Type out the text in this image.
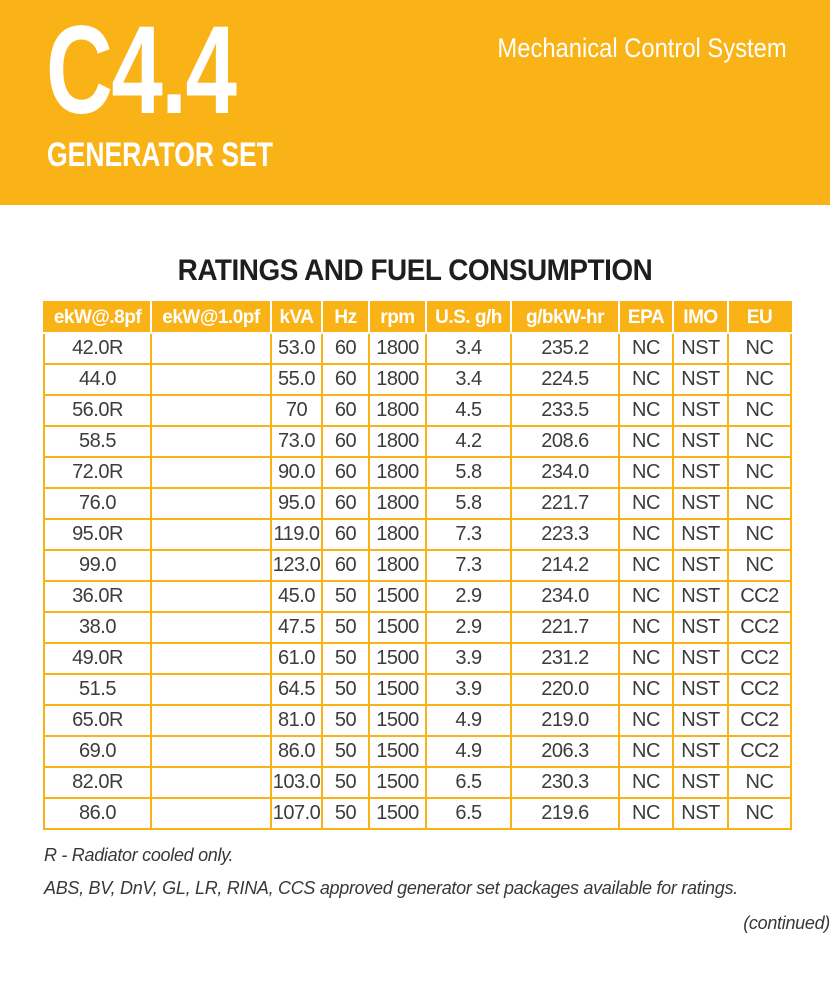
C4.4
GENERATOR SET
Mechanical Control System
RATINGS AND FUEL CONSUMPTION
ekW@.8pf	ekW@1.0pf	kVA	Hz	rpm	U.S. g/h	g/bkW-hr	EPA	IMO	EU
42.0R		53.0	60	1800	3.4	235.2	NC	NST	NC
44.0		55.0	60	1800	3.4	224.5	NC	NST	NC
56.0R		70	60	1800	4.5	233.5	NC	NST	NC
58.5		73.0	60	1800	4.2	208.6	NC	NST	NC
72.0R		90.0	60	1800	5.8	234.0	NC	NST	NC
76.0		95.0	60	1800	5.8	221.7	NC	NST	NC
95.0R		119.0	60	1800	7.3	223.3	NC	NST	NC
99.0		123.0	60	1800	7.3	214.2	NC	NST	NC
36.0R		45.0	50	1500	2.9	234.0	NC	NST	CC2
38.0		47.5	50	1500	2.9	221.7	NC	NST	CC2
49.0R		61.0	50	1500	3.9	231.2	NC	NST	CC2
51.5		64.5	50	1500	3.9	220.0	NC	NST	CC2
65.0R		81.0	50	1500	4.9	219.0	NC	NST	CC2
69.0		86.0	50	1500	4.9	206.3	NC	NST	CC2
82.0R		103.0	50	1500	6.5	230.3	NC	NST	NC
86.0		107.0	50	1500	6.5	219.6	NC	NST	NC
R - Radiator cooled only.
ABS, BV, DnV, GL, LR, RINA, CCS approved generator set packages available for ratings.
(continued)
